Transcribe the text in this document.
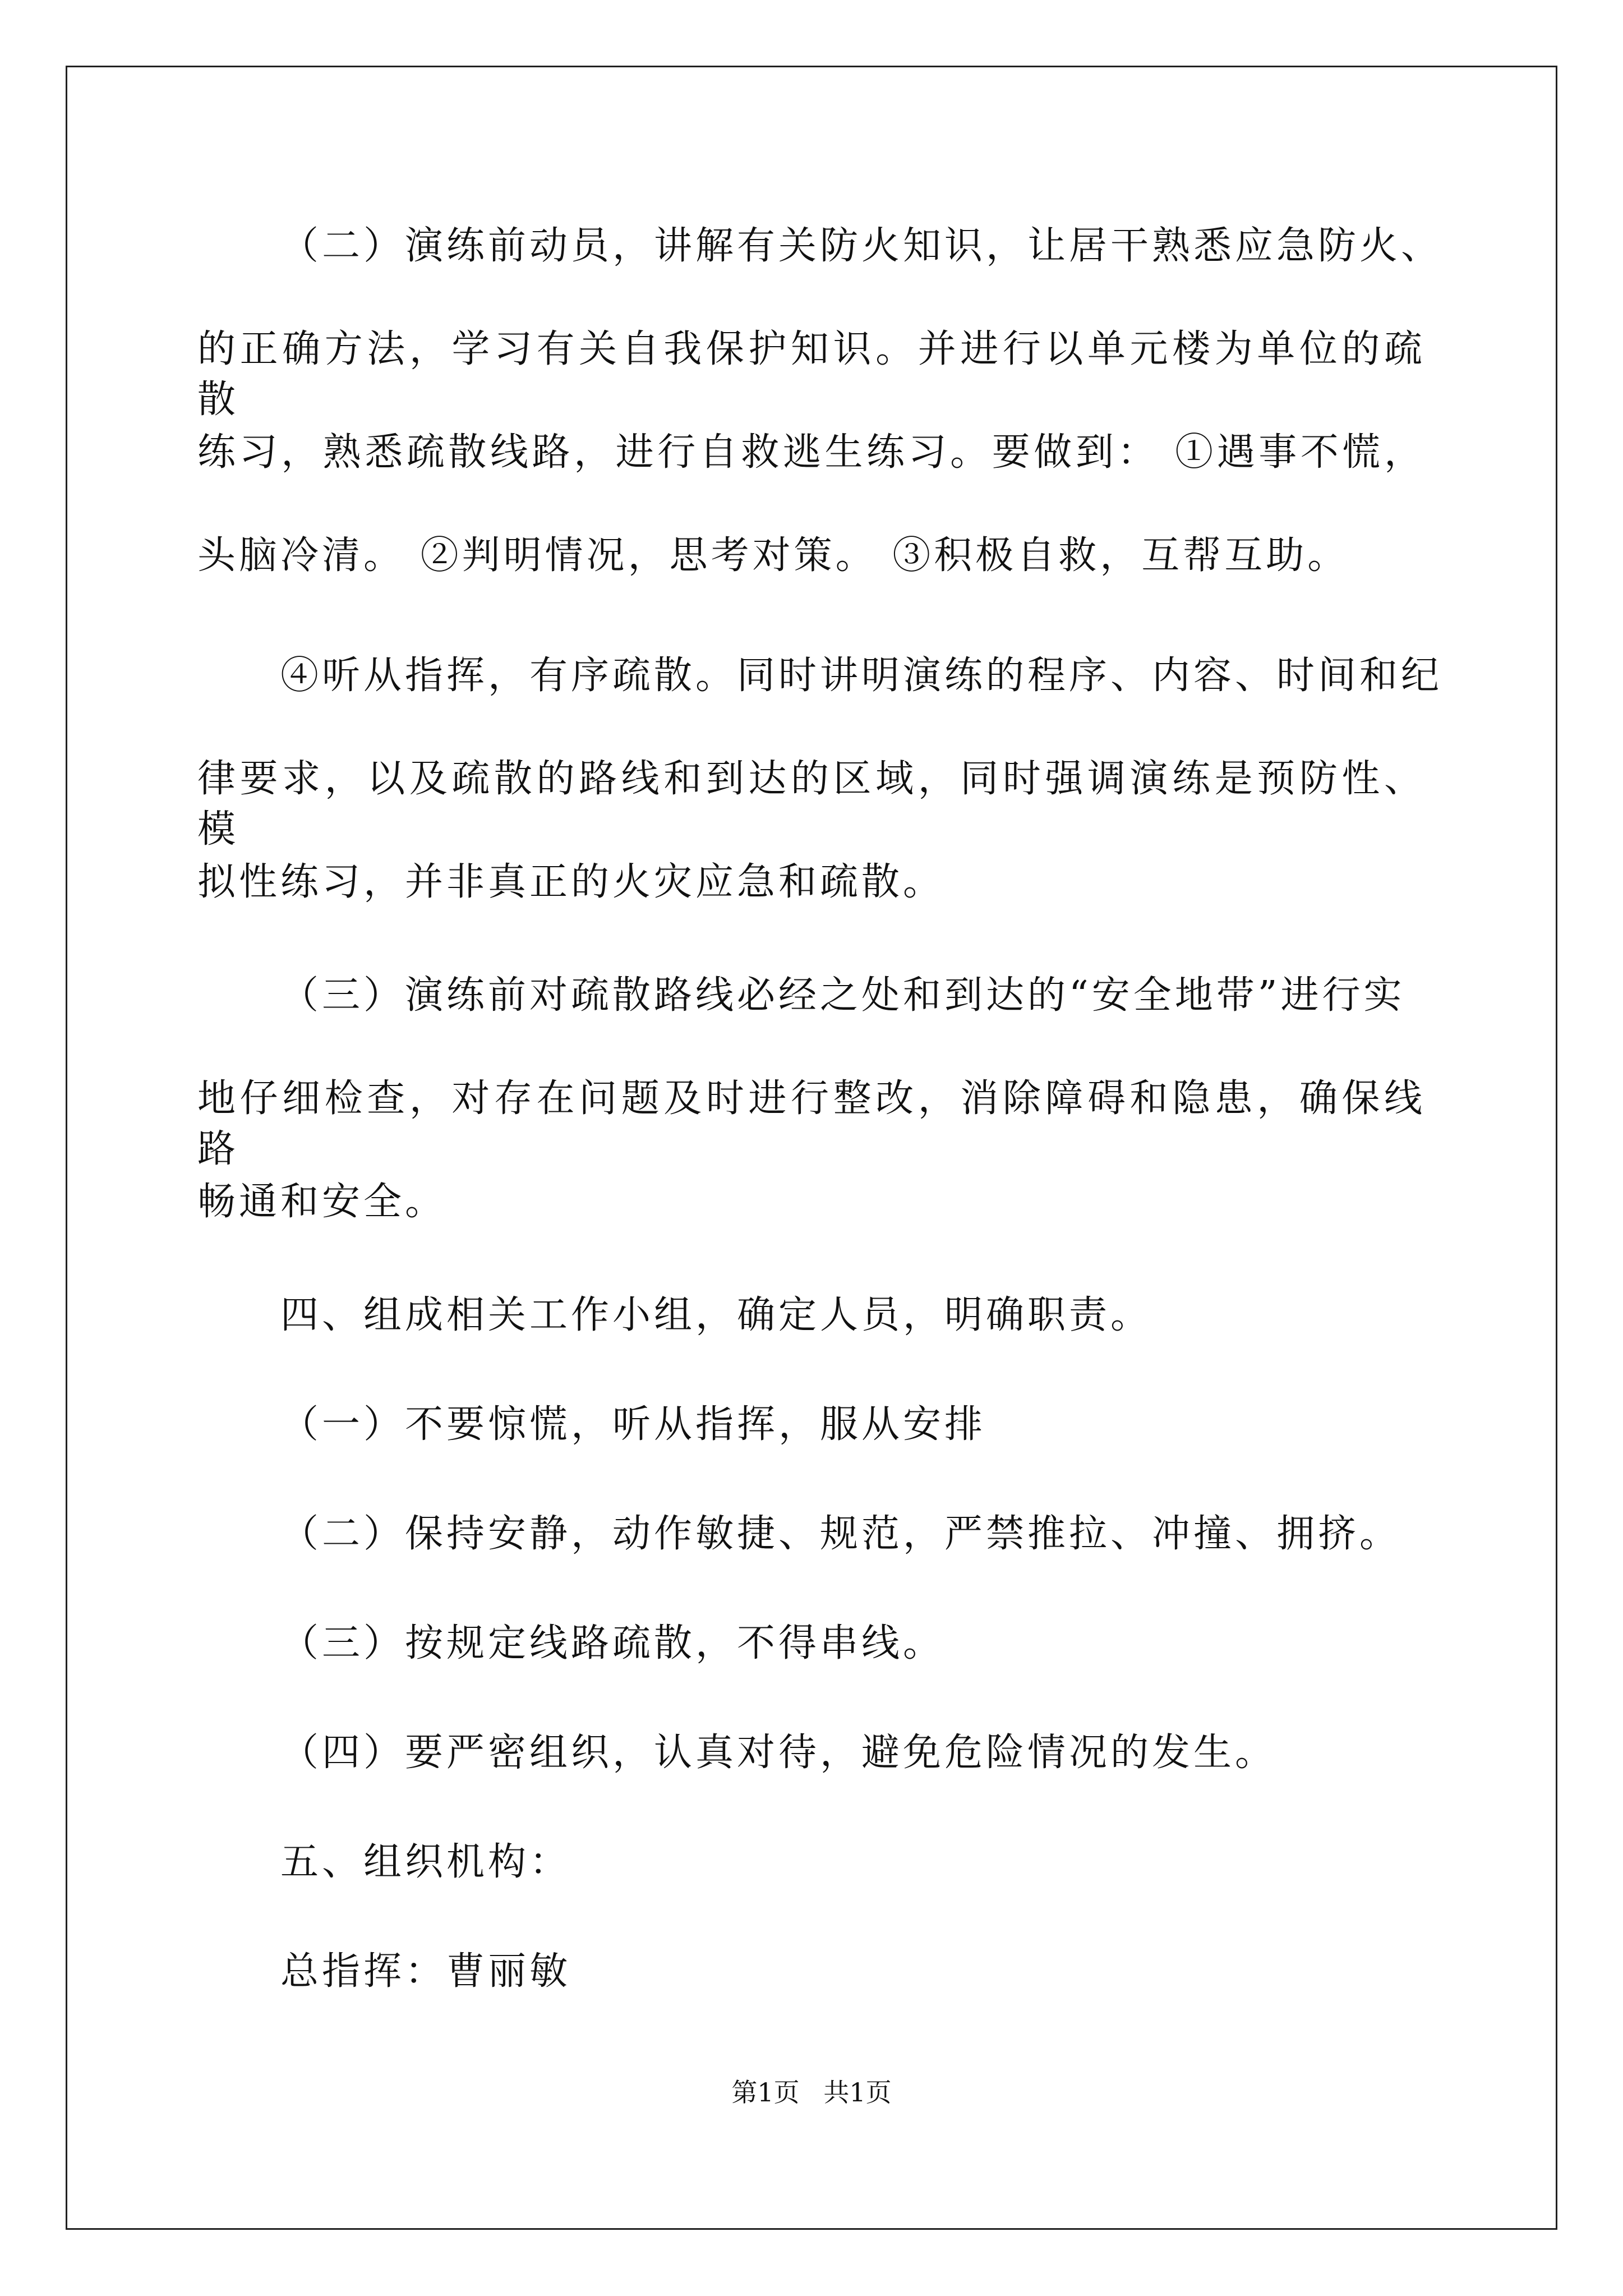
（二）演练前动员，讲解有关防火知识，让居干熟悉应急防火、
的正确方法，学习有关自我保护知识。并进行以单元楼为单位的疏散
练习，熟悉疏散线路，进行自救逃生练习。要做到： ①遇事不慌，
头脑冷清。 ②判明情况，思考对策。 ③积极自救，互帮互助。
④听从指挥，有序疏散。同时讲明演练的程序、内容、时间和纪
律要求，以及疏散的路线和到达的区域，同时强调演练是预防性、模
拟性练习，并非真正的火灾应急和疏散。
（三）演练前对疏散路线必经之处和到达的“安全地带”进行实
地仔细检查，对存在问题及时进行整改，消除障碍和隐患，确保线路
畅通和安全。
四、组成相关工作小组，确定人员，明确职责。
（一）不要惊慌，听从指挥，服从安排
（二）保持安静，动作敏捷、规范，严禁推拉、冲撞、拥挤。
（三）按规定线路疏散，不得串线。
（四）要严密组织，认真对待，避免危险情况的发生。
五、组织机构：
总指挥：曹丽敏
第1页 共1页
